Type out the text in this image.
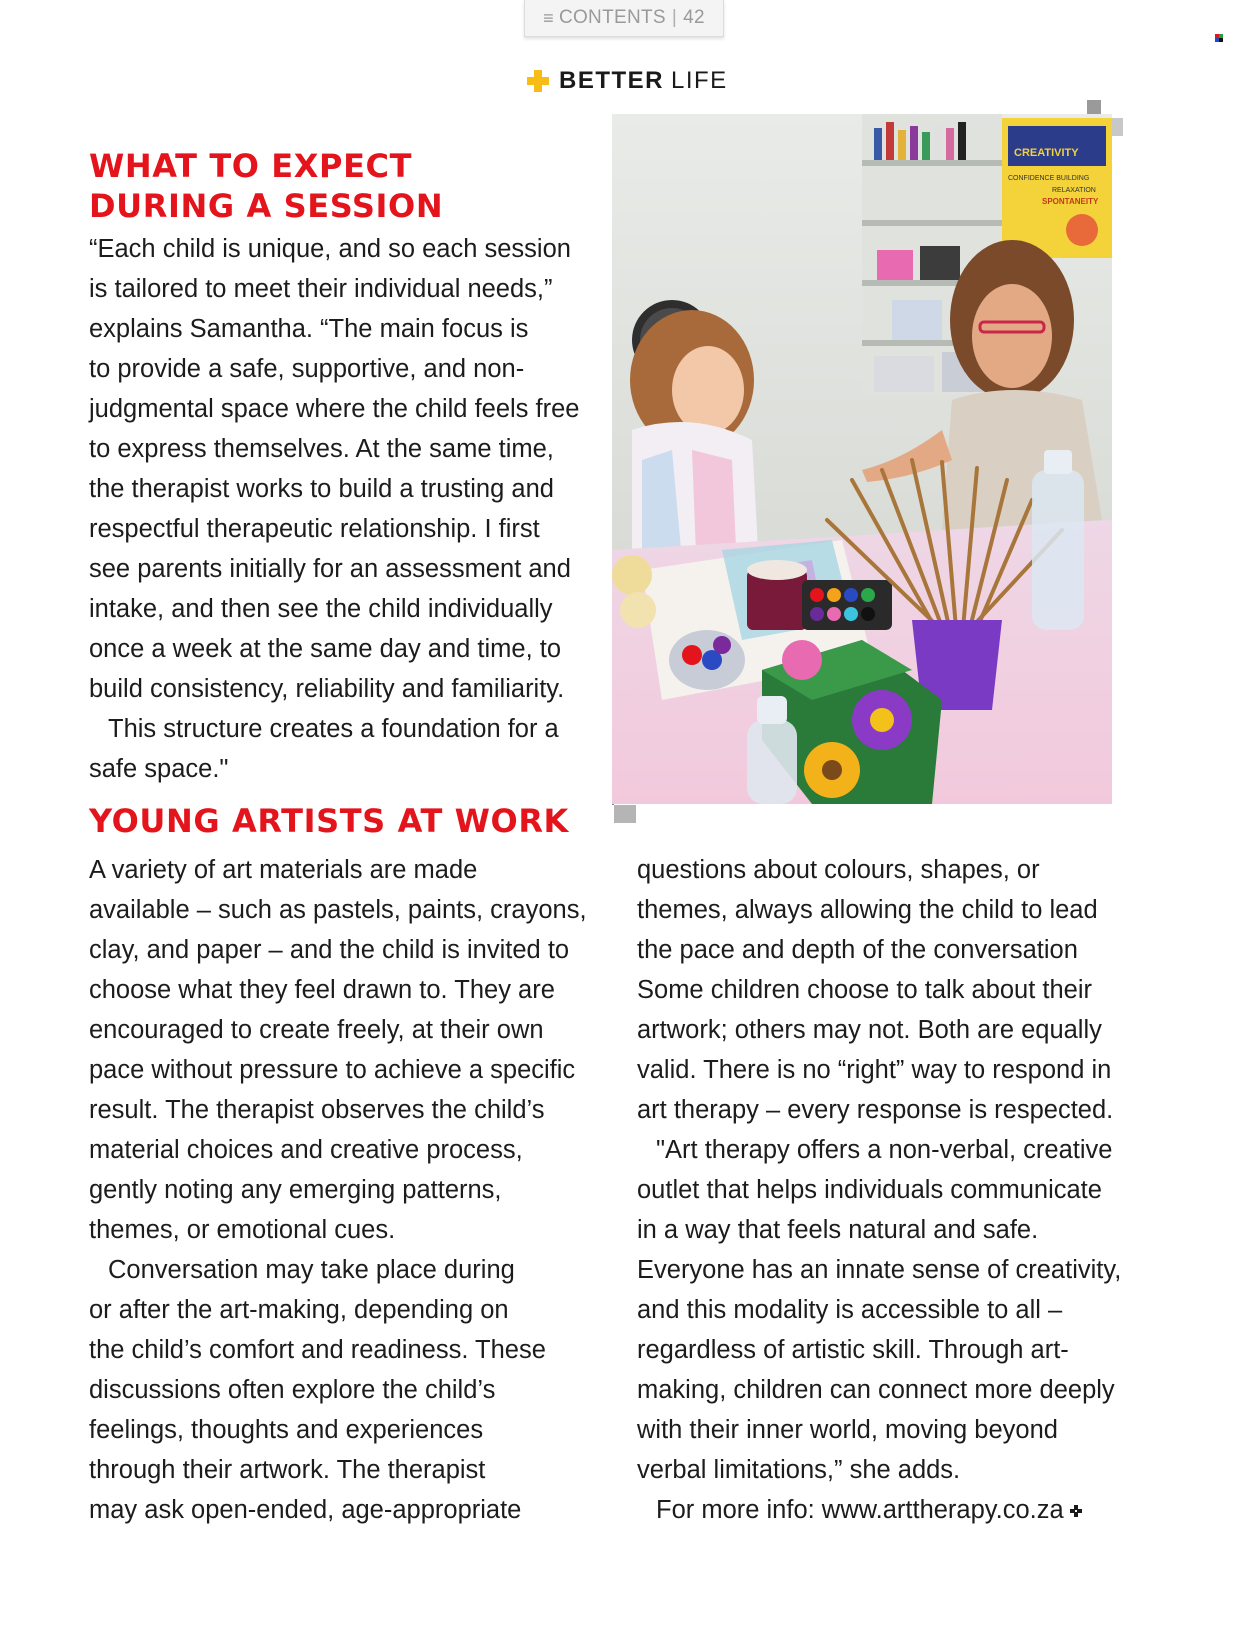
≡ CONTENTS | 42
BETTER LIFE
WHAT TO EXPECT
DURING A SESSION

“Each child is unique, and so each session
is tailored to meet their individual needs,”
explains Samantha. “The main focus is
to provide a safe, supportive, and non-
judgmental space where the child feels free
to express themselves. At the same time,
the therapist works to build a trusting and
respectful therapeutic relationship. I first
see parents initially for an assessment and
intake, and then see the child individually
once a week at the same day and time, to
build consistency, reliability and familiarity.

This structure creates a foundation for a
safe space."

CREATIVITY
CONFIDENCE BUILDING
RELAXATION
SPONTANEITY
YOUNG ARTISTS AT WORK

A variety of art materials are made
available – such as pastels, paints, crayons,
clay, and paper – and the child is invited to
choose what they feel drawn to. They are
encouraged to create freely, at their own
pace without pressure to achieve a specific
result. The therapist observes the child’s
material choices and creative process,
gently noting any emerging patterns,
themes, or emotional cues.

Conversation may take place during
or after the art-making, depending on
the child’s comfort and readiness. These
discussions often explore the child’s
feelings, thoughts and experiences
through their artwork. The therapist
may ask open-ended, age-appropriate

questions about colours, shapes, or
themes, always allowing the child to lead
the pace and depth of the conversation
Some children choose to talk about their
artwork; others may not. Both are equally
valid. There is no “right” way to respond in
art therapy – every response is respected.

"Art therapy offers a non-verbal, creative
outlet that helps individuals communicate
in a way that feels natural and safe.
Everyone has an innate sense of creativity,
and this modality is accessible to all –
regardless of artistic skill. Through art-
making, children can connect more deeply
with their inner world, moving beyond
verbal limitations,” she adds.

For more info: www.arttherapy.co.za
